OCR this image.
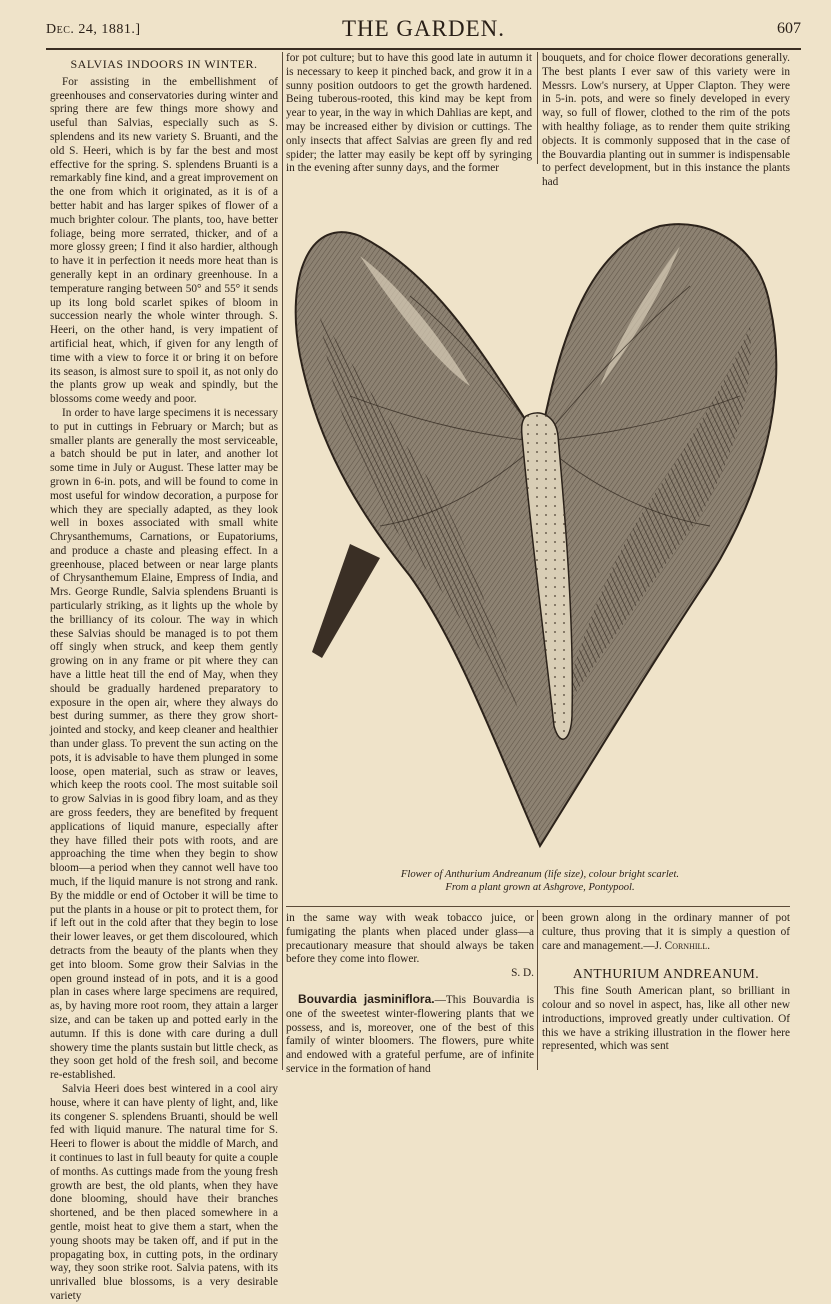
Dec. 24, 1881.]	THE GARDEN.	607
SALVIAS INDOORS IN WINTER.

For assisting in the embellishment of greenhouses and conservatories during winter and spring there are few things more showy and useful than Salvias, especially such as S. splendens and its new variety S. Bruanti, and the old S. Heeri, which is by far the best and most effective for the spring. S. splendens Bruanti is a remarkably fine kind, and a great improvement on the one from which it originated, as it is of a better habit and has larger spikes of flower of a much brighter colour. The plants, too, have better foliage, being more serrated, thicker, and of a more glossy green; I find it also hardier, although to have it in perfection it needs more heat than is generally kept in an ordinary greenhouse. In a temperature ranging between 50° and 55° it sends up its long bold scarlet spikes of bloom in succession nearly the whole winter through. S. Heeri, on the other hand, is very impatient of artificial heat, which, if given for any length of time with a view to force it or bring it on before its season, is almost sure to spoil it, as not only do the plants grow up weak and spindly, but the blossoms come weedy and poor.

In order to have large specimens it is necessary to put in cuttings in February or March; but as smaller plants are generally the most serviceable, a batch should be put in later, and another lot some time in July or August. These latter may be grown in 6-in. pots, and will be found to come in most useful for window decoration, a purpose for which they are specially adapted, as they look well in boxes associated with small white Chrysanthemums, Carnations, or Eupatoriums, and produce a chaste and pleasing effect. In a greenhouse, placed between or near large plants of Chrysanthemum Elaine, Empress of India, and Mrs. George Rundle, Salvia splendens Bruanti is particularly striking, as it lights up the whole by the brilliancy of its colour. The way in which these Salvias should be managed is to pot them off singly when struck, and keep them gently growing on in any frame or pit where they can have a little heat till the end of May, when they should be gradually hardened preparatory to exposure in the open air, where they always do best during summer, as there they grow short-jointed and stocky, and keep cleaner and healthier than under glass. To prevent the sun acting on the pots, it is advisable to have them plunged in some loose, open material, such as straw or leaves, which keep the roots cool. The most suitable soil to grow Salvias in is good fibry loam, and as they are gross feeders, they are benefited by frequent applications of liquid manure, especially after they have filled their pots with roots, and are approaching the time when they begin to show bloom—a period when they cannot well have too much, if the liquid manure is not strong and rank. By the middle or end of October it will be time to put the plants in a house or pit to protect them, for if left out in the cold after that they begin to lose their lower leaves, or get them discoloured, which detracts from the beauty of the plants when they get into bloom. Some grow their Salvias in the open ground instead of in pots, and it is a good plan in cases where large specimens are required, as, by having more root room, they attain a larger size, and can be taken up and potted early in the autumn. If this is done with care during a dull showery time the plants sustain but little check, as they soon get hold of the fresh soil, and become re-established.

Salvia Heeri does best wintered in a cool airy house, where it can have plenty of light, and, like its congener S. splendens Bruanti, should be well fed with liquid manure. The natural time for S. Heeri to flower is about the middle of March, and it continues to last in full beauty for quite a couple of months. As cuttings made from the young fresh growth are best, the old plants, when they have done blooming, should have their branches shortened, and be then placed somewhere in a gentle, moist heat to give them a start, when the young shoots may be taken off, and if put in the propagating box, in cutting pots, in the ordinary way, they soon strike root. Salvia patens, with its unrivalled blue blossoms, is a very desirable variety

for pot culture; but to have this good late in autumn it is necessary to keep it pinched back, and grow it in a sunny position outdoors to get the growth hardened. Being tuberous-rooted, this kind may be kept from year to year, in the way in which Dahlias are kept, and may be increased either by division or cuttings. The only insects that affect Salvias are green fly and red spider; the latter may easily be kept off by syringing in the evening after sunny days, and the former

bouquets, and for choice flower decorations generally. The best plants I ever saw of this variety were in Messrs. Low's nursery, at Upper Clapton. They were in 5-in. pots, and were so finely developed in every way, so full of flower, clothed to the rim of the pots with healthy foliage, as to render them quite striking objects. It is commonly supposed that in the case of the Bouvardia planting out in summer is indispensable to perfect development, but in this instance the plants had

Flower of Anthurium Andreanum (life size), colour bright scarlet.
From a plant grown at Ashgrove, Pontypool.

in the same way with weak tobacco juice, or fumigating the plants when placed under glass—a precautionary measure that should always be taken before they come into flower.

S. D.

Bouvardia jasminiflora.—This Bouvardia is one of the sweetest winter-flowering plants that we possess, and is, moreover, one of the best of this family of winter bloomers. The flowers, pure white and endowed with a grateful perfume, are of infinite service in the formation of hand

been grown along in the ordinary manner of pot culture, thus proving that it is simply a question of care and management.—J. Cornhill.

ANTHURIUM ANDREANUM.

This fine South American plant, so brilliant in colour and so novel in aspect, has, like all other new introductions, improved greatly under cultivation. Of this we have a striking illustration in the flower here represented, which was sent
